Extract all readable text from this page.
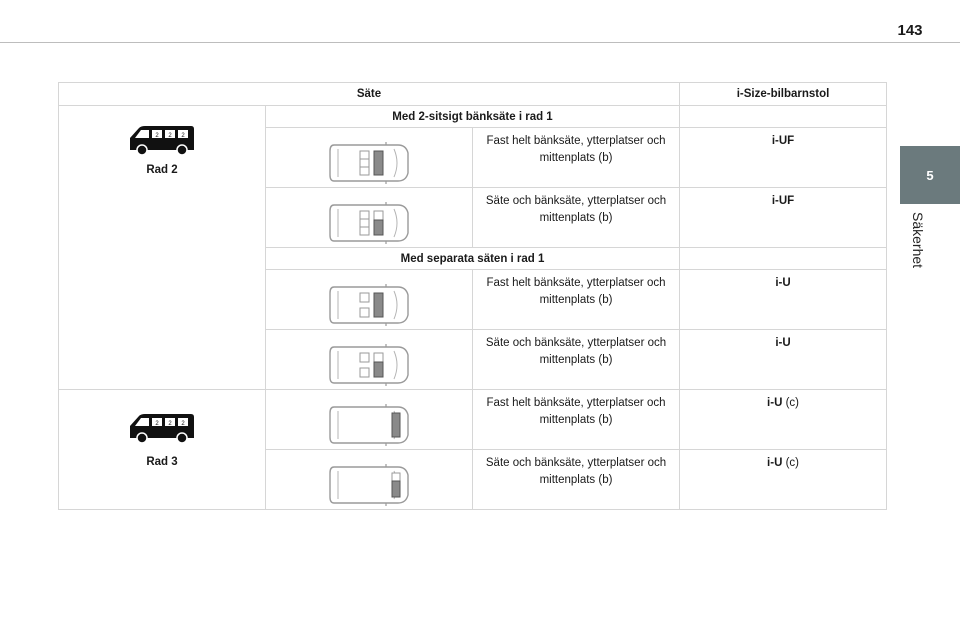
143
5
Säkerhet
Säte			i-Size-bilbarnstol

Rad 2	Med 2-sitsigt bänksäte i rad 1		

	Fast helt bänksäte, ytterplatser och mittenplats (b)	i-UF

	Säte och bänksäte, ytterplatser och mittenplats (b)	i-UF
	Med separata säten i rad 1		

	Fast helt bänksäte, ytterplatser och mittenplats (b)	i-U

	Säte och bänksäte, ytterplatser och mittenplats (b)	i-U

Rad 3		Fast helt bänksäte, ytterplatser och mittenplats (b)	i-U (c)

	Säte och bänksäte, ytterplatser och mittenplats (b)	i-U (c)
